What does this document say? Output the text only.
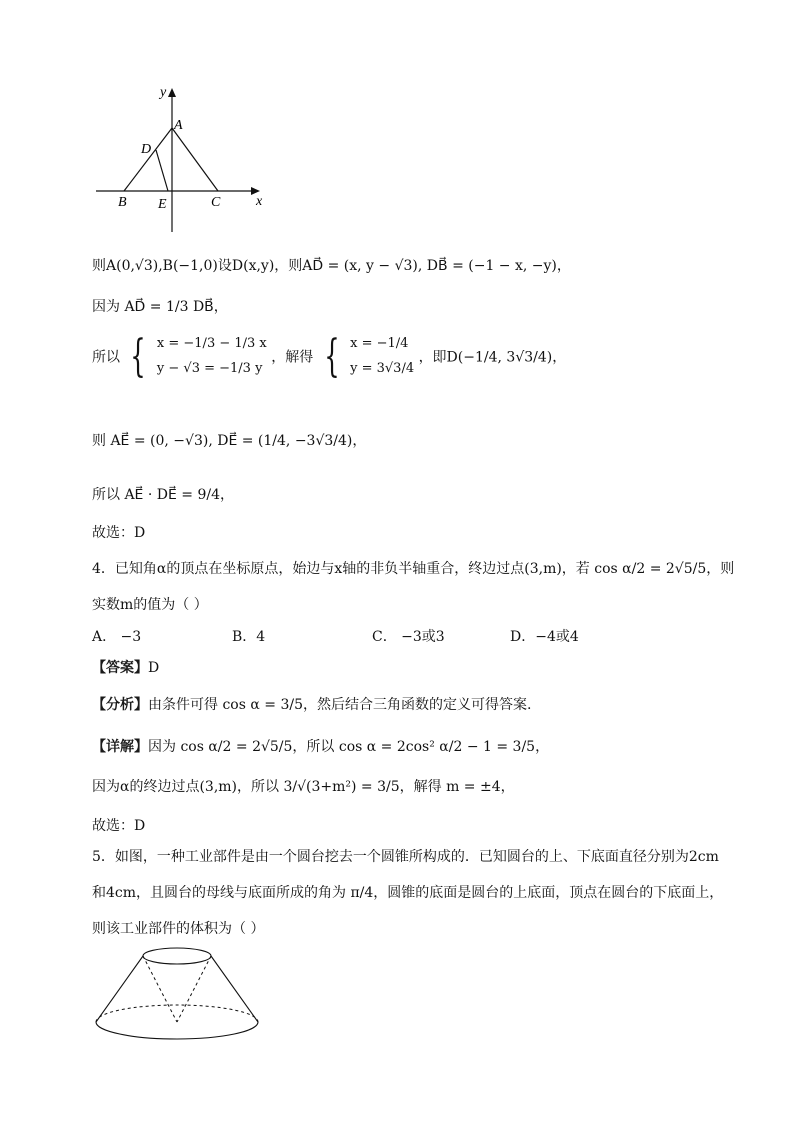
y
x
A
D
B E	C
则A(0,√3),B(−1,0)设D(x,y)，则AD⃗ = (x, y − √3), DB⃗ = (−1 − x, −y)，
因为 AD⃗ = 1/3 DB⃗，
所以 { x = −1/3 − 1/3 x
y − √3 = −1/3 y
，解得 { x = −1/4
y = 3√3/4
，即D(−1/4, 3√3/4)，
则 AE⃗ = (0, −√3), DE⃗ = (1/4, −3√3/4)，
所以 AE⃗ · DE⃗ = 9/4，
故选：D
4．已知角α的顶点在坐标原点，始边与x轴的非负半轴重合，终边过点(3,m)，若 cos α/2 = 2√5/5，则
实数m的值为（ ）
A． −3	B．4	C． −3或3	D．−4或4
【答案】D
【分析】由条件可得 cos α = 3/5，然后结合三角函数的定义可得答案.
【详解】因为 cos α/2 = 2√5/5，所以 cos α = 2cos² α/2 − 1 = 3/5，
因为α的终边过点(3,m)，所以 3/√(3+m²) = 3/5，解得 m = ±4，
故选：D
5．如图，一种工业部件是由一个圆台挖去一个圆锥所构成的．已知圆台的上、下底面直径分别为2cm
和4cm，且圆台的母线与底面所成的角为 π/4，圆锥的底面是圆台的上底面，顶点在圆台的下底面上，
则该工业部件的体积为（ ）
